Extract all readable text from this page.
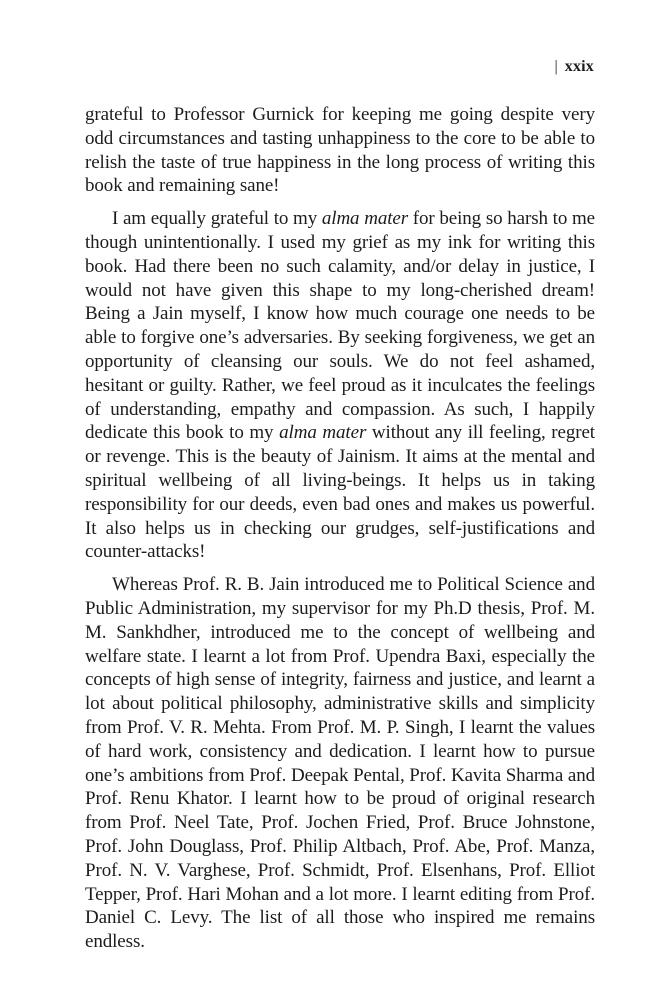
| xxix

grateful to Professor Gurnick for keeping me going despite very odd circumstances and tasting unhappiness to the core to be able to relish the taste of true happiness in the long process of writing this book and remaining sane!

I am equally grateful to my alma mater for being so harsh to me though unintentionally. I used my grief as my ink for writing this book. Had there been no such calamity, and/or delay in justice, I would not have given this shape to my long-cherished dream! Being a Jain myself, I know how much courage one needs to be able to forgive one’s adversaries. By seeking forgiveness, we get an opportunity of cleansing our souls. We do not feel ashamed, hesitant or guilty. Rather, we feel proud as it inculcates the feelings of understanding, empathy and compassion. As such, I happily dedicate this book to my alma mater without any ill feeling, regret or revenge. This is the beauty of Jainism. It aims at the mental and spiritual wellbeing of all living-beings. It helps us in taking responsibility for our deeds, even bad ones and makes us powerful. It also helps us in checking our grudges, self-justifications and counter-attacks!

Whereas Prof. R. B. Jain introduced me to Political Science and Public Administration, my supervisor for my Ph.D thesis, Prof. M. M. Sankhdher, introduced me to the concept of wellbeing and welfare state. I learnt a lot from Prof. Upendra Baxi, especially the concepts of high sense of integrity, fairness and justice, and learnt a lot about political philosophy, administrative skills and simplicity from Prof. V. R. Mehta. From Prof. M. P. Singh, I learnt the values of hard work, consistency and dedication. I learnt how to pursue one’s ambitions from Prof. Deepak Pental, Prof. Kavita Sharma and Prof. Renu Khator. I learnt how to be proud of original research from Prof. Neel Tate, Prof. Jochen Fried, Prof. Bruce Johnstone, Prof. John Douglass, Prof. Philip Altbach, Prof. Abe, Prof. Manza, Prof. N. V. Varghese, Prof. Schmidt, Prof. Elsenhans, Prof. Elliot Tepper, Prof. Hari Mohan and a lot more. I learnt editing from Prof. Daniel C. Levy. The list of all those who inspired me remains endless.
